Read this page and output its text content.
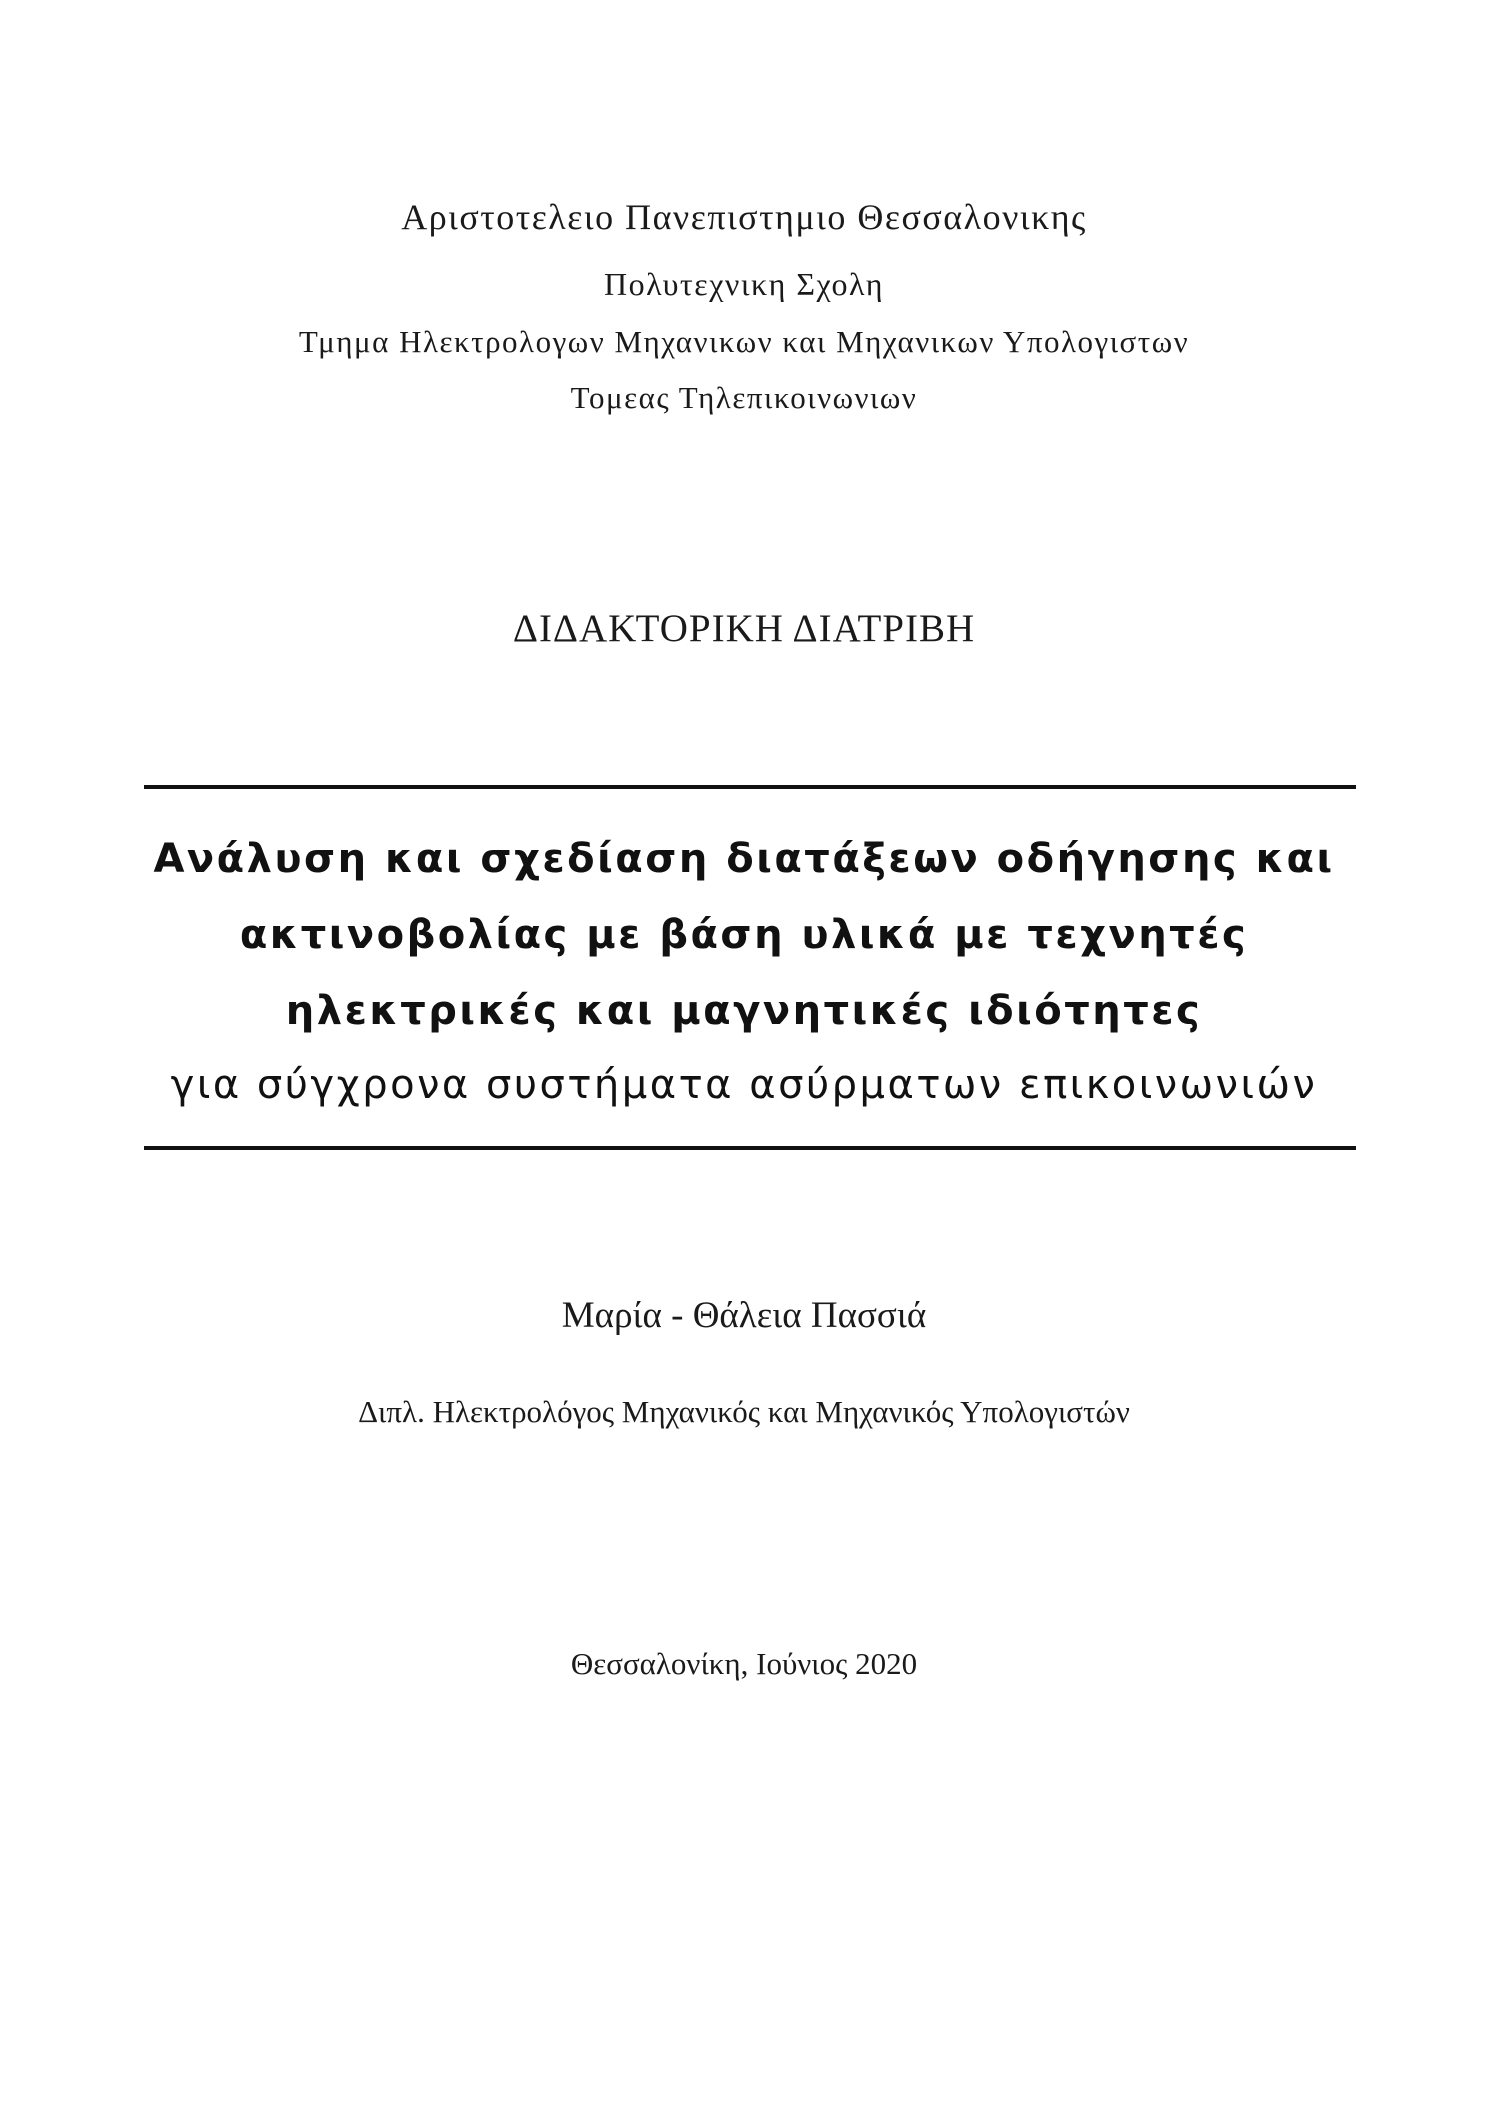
Αριστοτελειο Πανεπιστημιο Θεσσαλονικης
Πολυτεχνικη Σχολη
Τμημα Ηλεκτρολογων Μηχανικων και Μηχανικων Υπολογιστων
Τομεας Τηλεπικοινωνιων
ΔΙΔΑΚΤΟΡΙΚΗ ΔΙΑΤΡΙΒΗ
Ανάλυση και σχεδίαση διατάξεων οδήγησης και
ακτινοβολίας με βάση υλικά με τεχνητές
ηλεκτρικές και μαγνητικές ιδιότητες
για σύγχρονα συστήματα ασύρματων επικοινωνιών
Μαρία - Θάλεια Πασσιά
Διπλ. Ηλεκτρολόγος Μηχανικός και Μηχανικός Υπολογιστών
Θεσσαλονίκη, Ιούνιος 2020
